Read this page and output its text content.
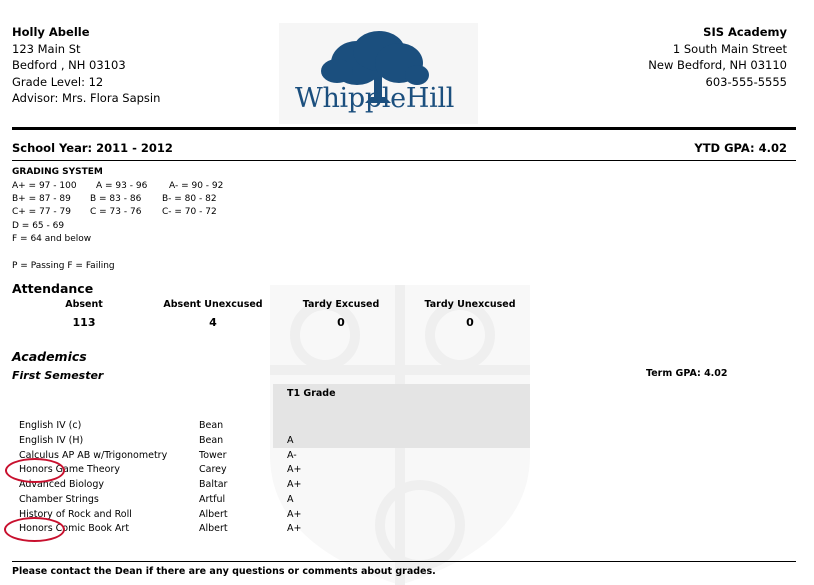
Holly Abelle
123 Main St
Bedford , NH 03103
Grade Level: 12
Advisor: Mrs. Flora Sapsin	WhippleHill
SIS Academy
1 South Main Street
New Bedford, NH 03110
603-555-5555
School Year: 2011 - 2012	YTD GPA: 4.02
GRADING SYSTEM
A+ = 97 - 100 A = 93 - 96 A- = 90 - 92
B+ = 87 - 89 B = 83 - 86 B- = 80 - 82
C+ = 77 - 79 C = 73 - 76 C- = 70 - 72
D = 65 - 69
F = 64 and below
P = Passing F = Failing
Attendance
Absent	Absent Unexcused	Tardy Excused	Tardy Unexcused
113	4	0	0
Academics
First Semester	Term GPA: 4.02
T1 Grade
English IV (c)	Bean
English IV (H)	Bean	A
Calculus AP AB w/Trigonometry	Tower	A-
Honors Game Theory	Carey	A+
Advanced Biology	Baltar	A+
Chamber Strings	Artful	A
History of Rock and Roll	Albert	A+
Honors Comic Book Art	Albert	A+
Please contact the Dean if there are any questions or comments about grades.
